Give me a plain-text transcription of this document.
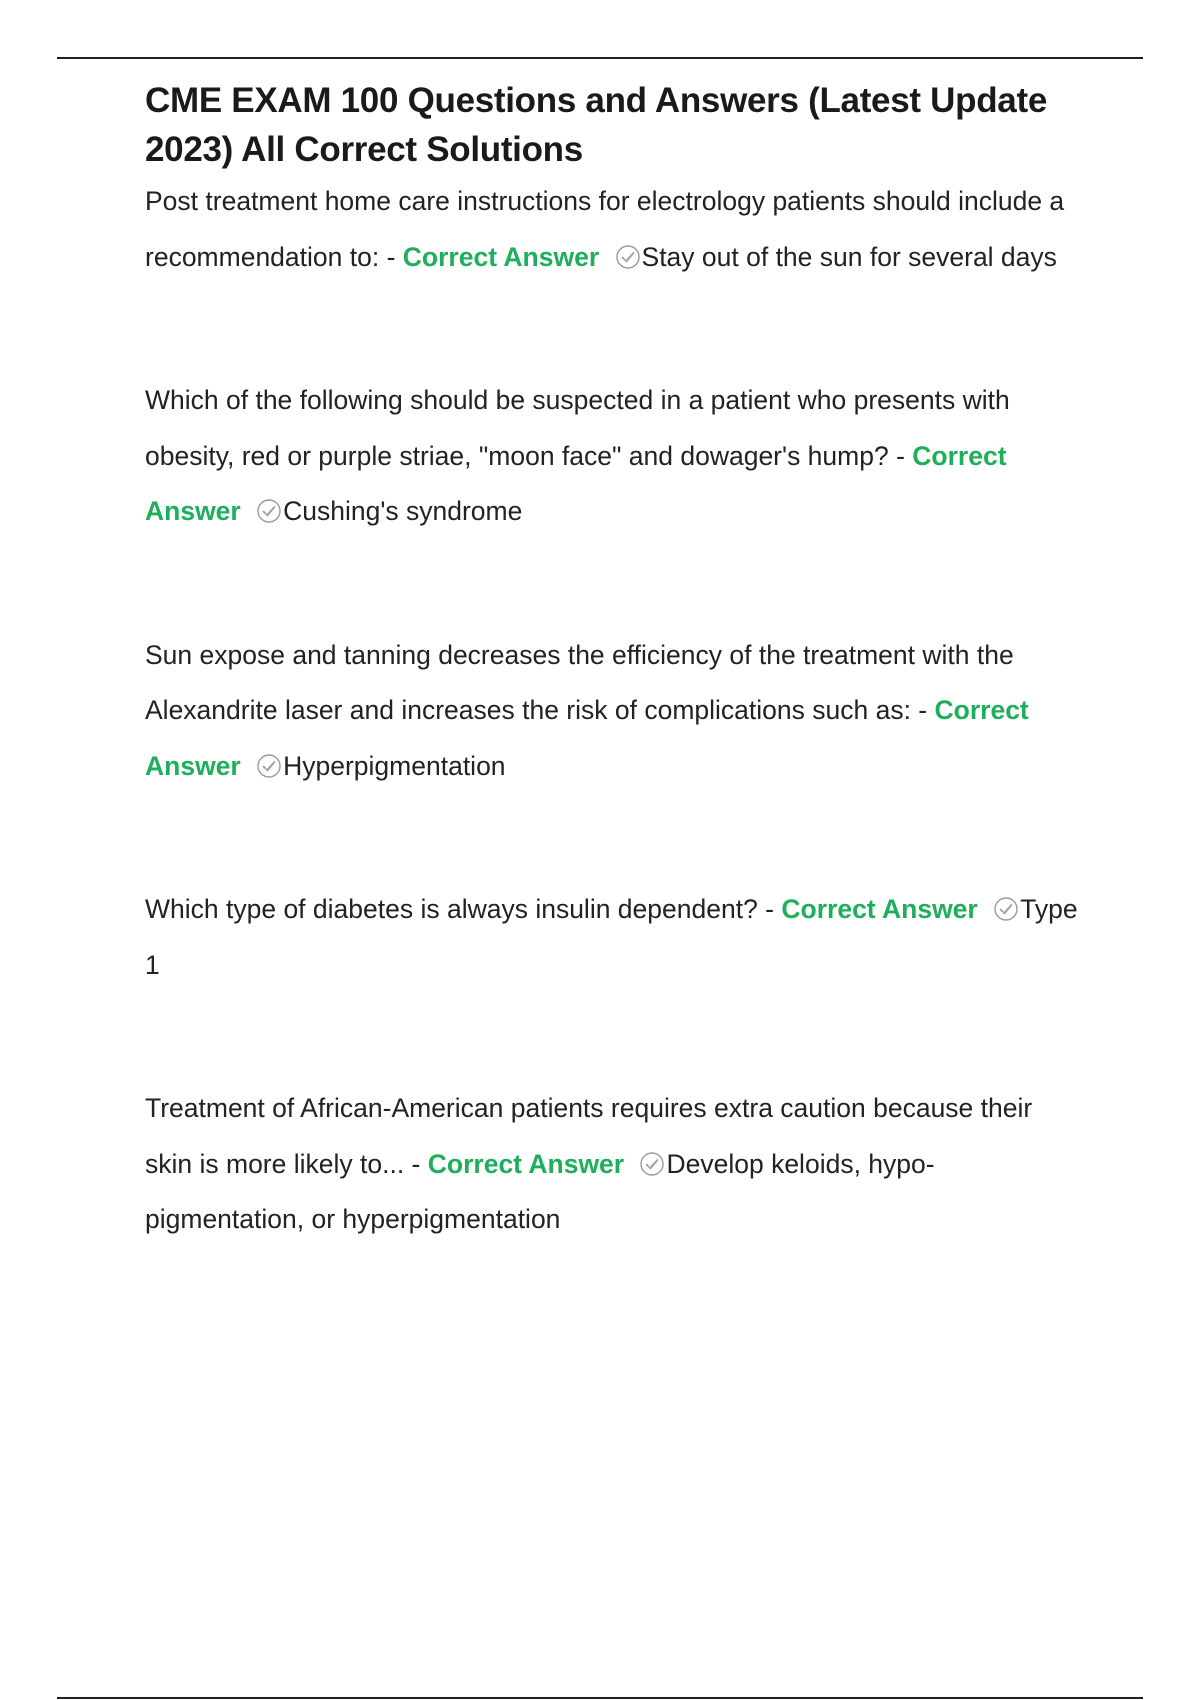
CME EXAM 100 Questions and Answers (Latest Update 2023) All Correct Solutions

Post treatment home care instructions for electrology patients should include a recommendation to: - Correct Answer Stay out of the sun for several days

Which of the following should be suspected in a patient who presents with obesity, red or purple striae, "moon face" and dowager's hump? - Correct Answer Cushing's syndrome

Sun expose and tanning decreases the efficiency of the treatment with the Alexandrite laser and increases the risk of complications such as: - Correct Answer Hyperpigmentation

Which type of diabetes is always insulin dependent? - Correct Answer Type 1

Treatment of African-American patients requires extra caution because their skin is more likely to... - Correct Answer Develop keloids, hypo-pigmentation, or hyperpigmentation
